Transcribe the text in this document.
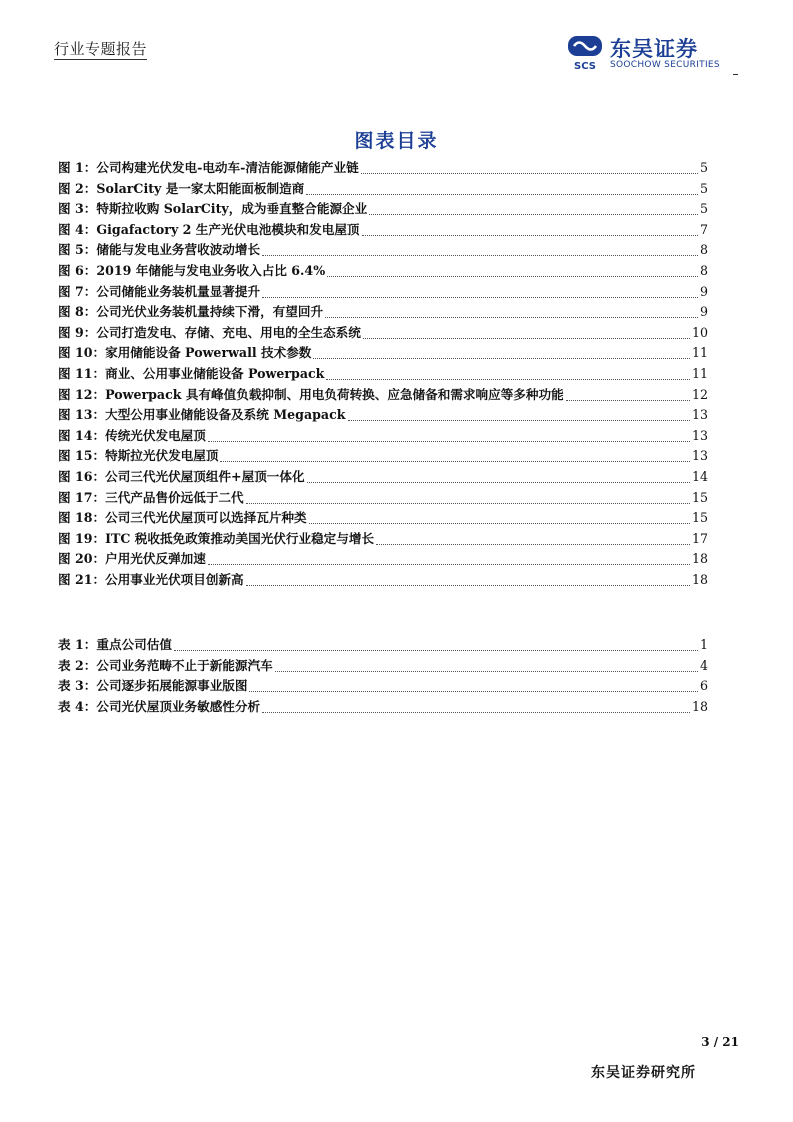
行业专题报告
SCS
东吴证券
SOOCHOW SECURITIES
图表目录
图 1：公司构建光伏发电-电动车-清洁能源储能产业链	5
图 2：SolarCity 是一家太阳能面板制造商	5
图 3：特斯拉收购 SolarCity，成为垂直整合能源企业	5
图 4：Gigafactory 2 生产光伏电池模块和发电屋顶	7
图 5：储能与发电业务营收波动增长	8
图 6：2019 年储能与发电业务收入占比 6.4%	8
图 7：公司储能业务装机量显著提升	9
图 8：公司光伏业务装机量持续下滑，有望回升	9
图 9：公司打造发电、存储、充电、用电的全生态系统	10
图 10：家用储能设备 Powerwall 技术参数	11
图 11：商业、公用事业储能设备 Powerpack	11
图 12：Powerpack 具有峰值负载抑制、用电负荷转换、应急储备和需求响应等多种功能	12
图 13：大型公用事业储能设备及系统 Megapack	13
图 14：传统光伏发电屋顶	13
图 15：特斯拉光伏发电屋顶	13
图 16：公司三代光伏屋顶组件+屋顶一体化	14
图 17：三代产品售价远低于二代	15
图 18：公司三代光伏屋顶可以选择瓦片种类	15
图 19：ITC 税收抵免政策推动美国光伏行业稳定与增长	17
图 20：户用光伏反弹加速	18
图 21：公用事业光伏项目创新高	18
表 1：重点公司估值	1
表 2：公司业务范畴不止于新能源汽车	4
表 3：公司逐步拓展能源事业版图	6
表 4：公司光伏屋顶业务敏感性分析	18
3 / 21
东吴证券研究所
